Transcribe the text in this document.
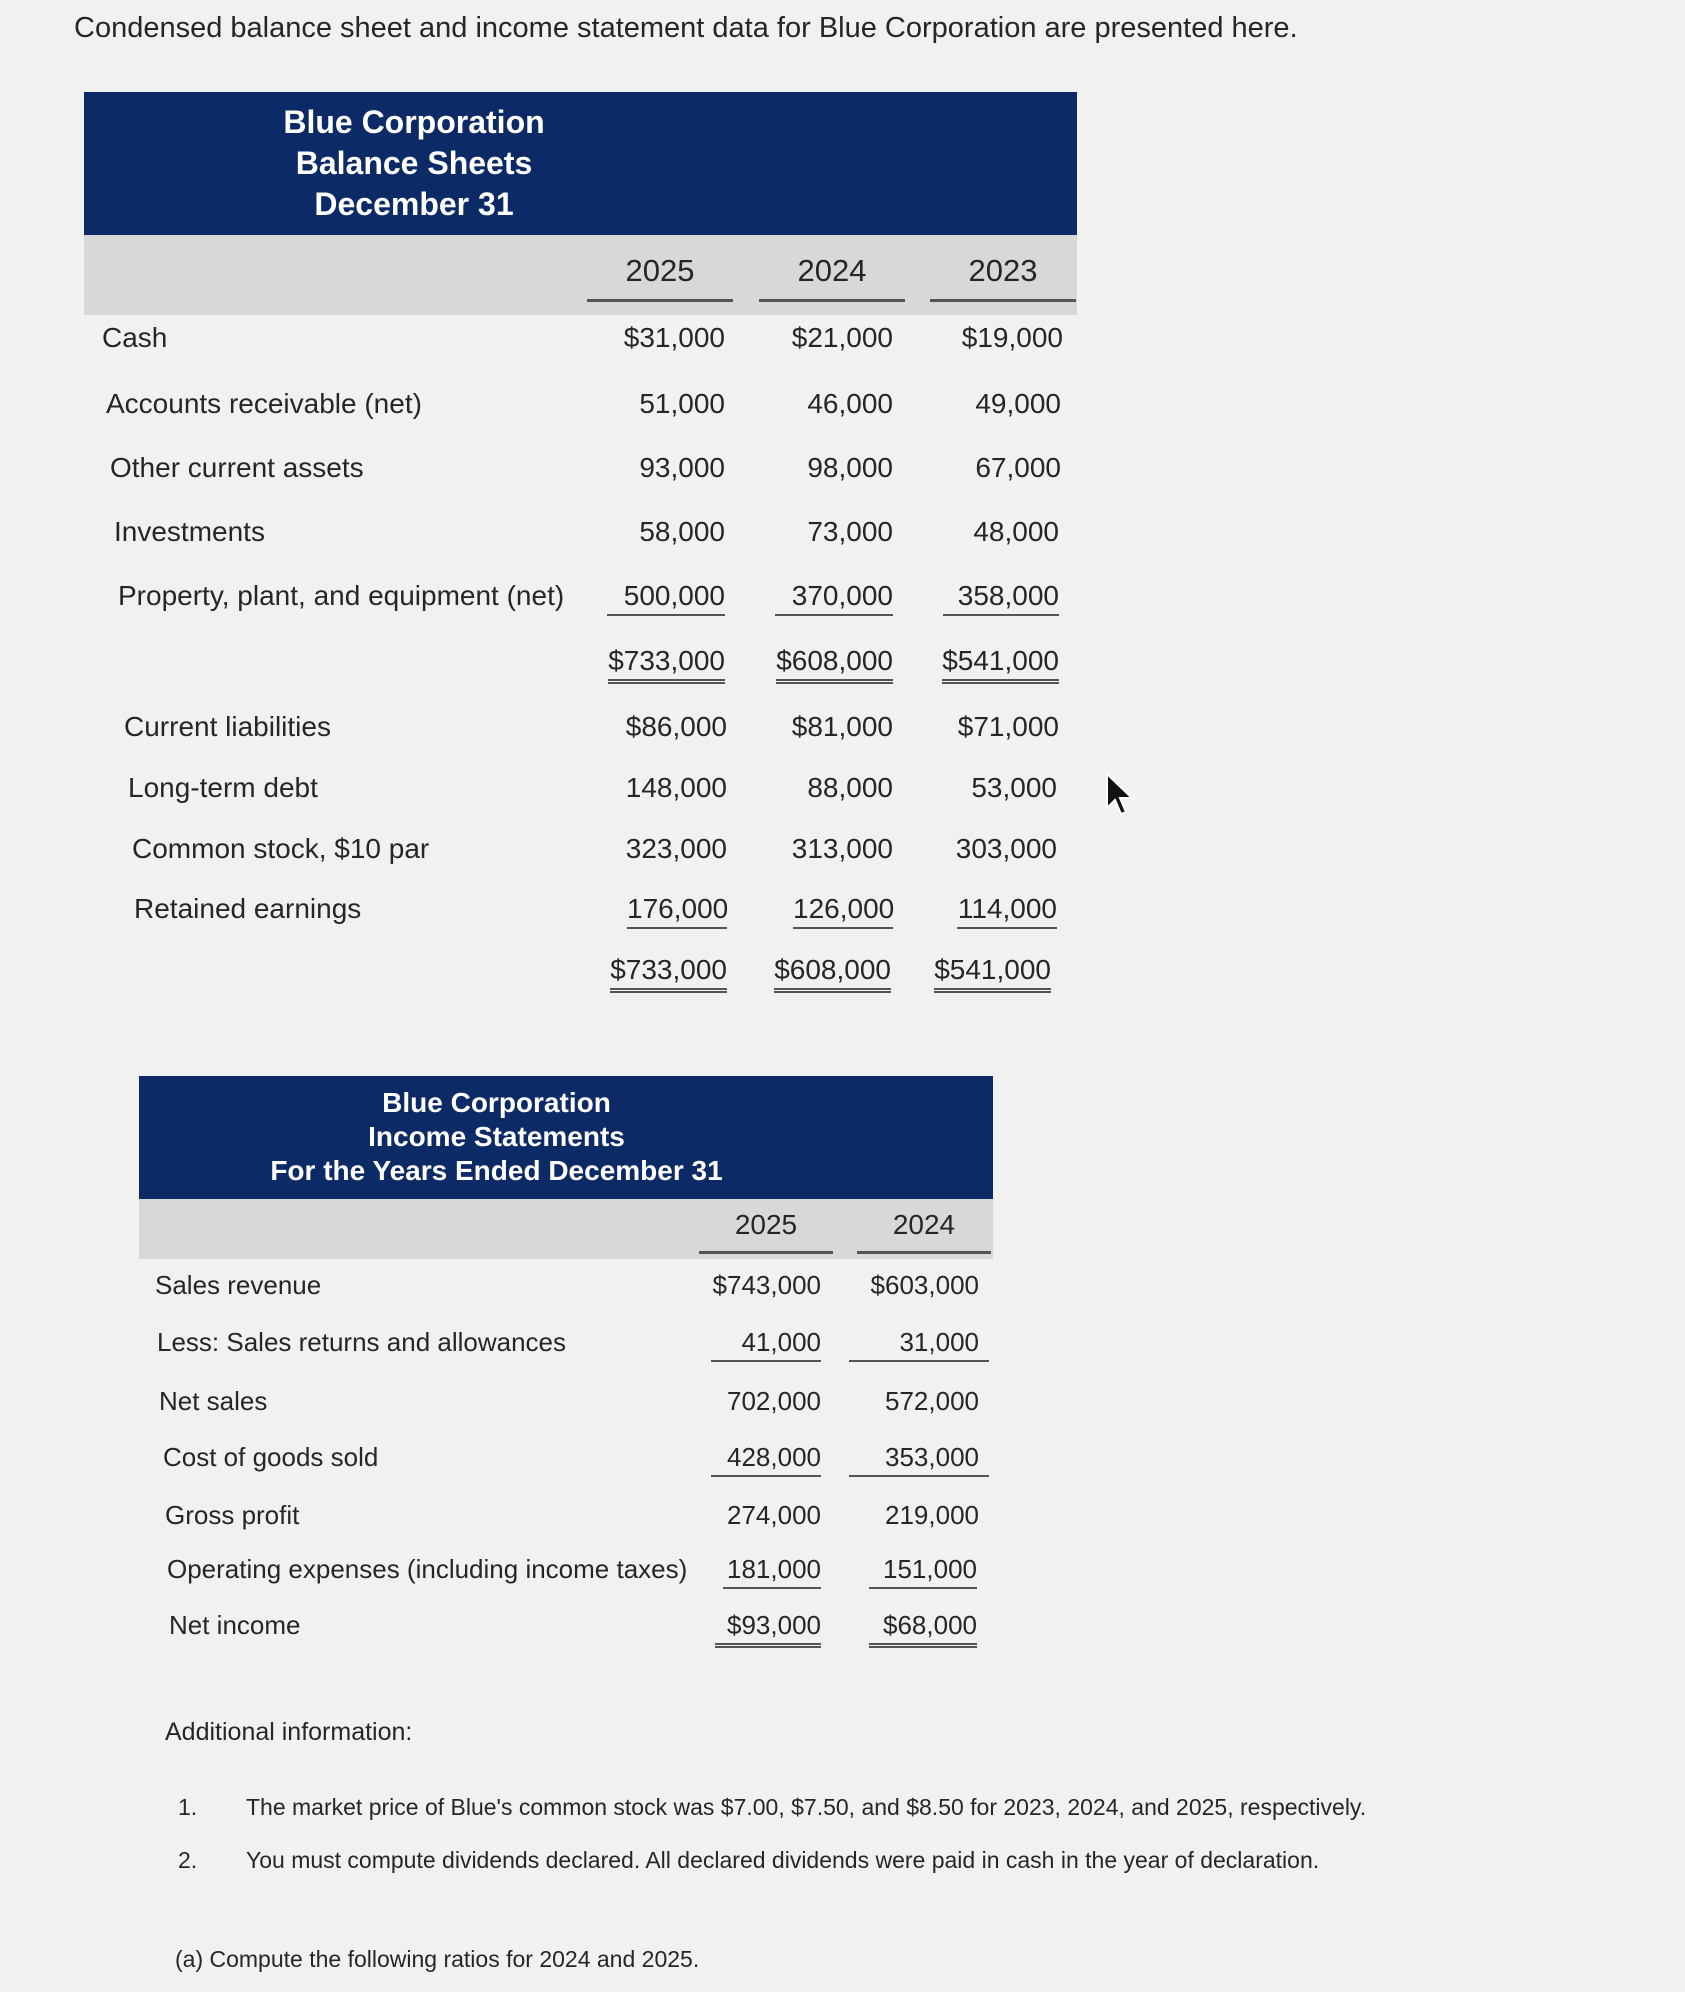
Condensed balance sheet and income statement data for Blue Corporation are presented here.
Blue Corporation
Balance Sheets
December 31
2025	2024	2023
Cash	$31,000 $21,000 $19,000
Accounts receivable (net)	51,000	46,000	49,000
Other current assets	93,000	98,000	67,000
Investments	58,000	73,000	48,000
Property, plant, and equipment (net)	500,000	370,000	358,000
$733,000 $608,000 $541,000
Current liabilities	$86,000 $81,000 $71,000
Long-term debt	148,000	88,000	53,000
Common stock, $10 par	323,000 313,000 303,000
Retained earnings	176,000 126,000 114,000
$733,000 $608,000 $541,000
Blue Corporation
Income Statements
For the Years Ended December 31
2025	2024
Sales revenue	$743,000 $603,000
Less: Sales returns and allowances	41,000	31,000
Net sales	702,000 572,000
Cost of goods sold	428,000	353,000
Gross profit	274,000 219,000
Operating expenses (including income taxes) 181,000	151,000
Net income	$93,000	$68,000
Additional information:
1. The market price of Blue's common stock was $7.00, $7.50, and $8.50 for 2023, 2024, and 2025, respectively.
2. You must compute dividends declared. All declared dividends were paid in cash in the year of declaration.
(a) Compute the following ratios for 2024 and 2025.
